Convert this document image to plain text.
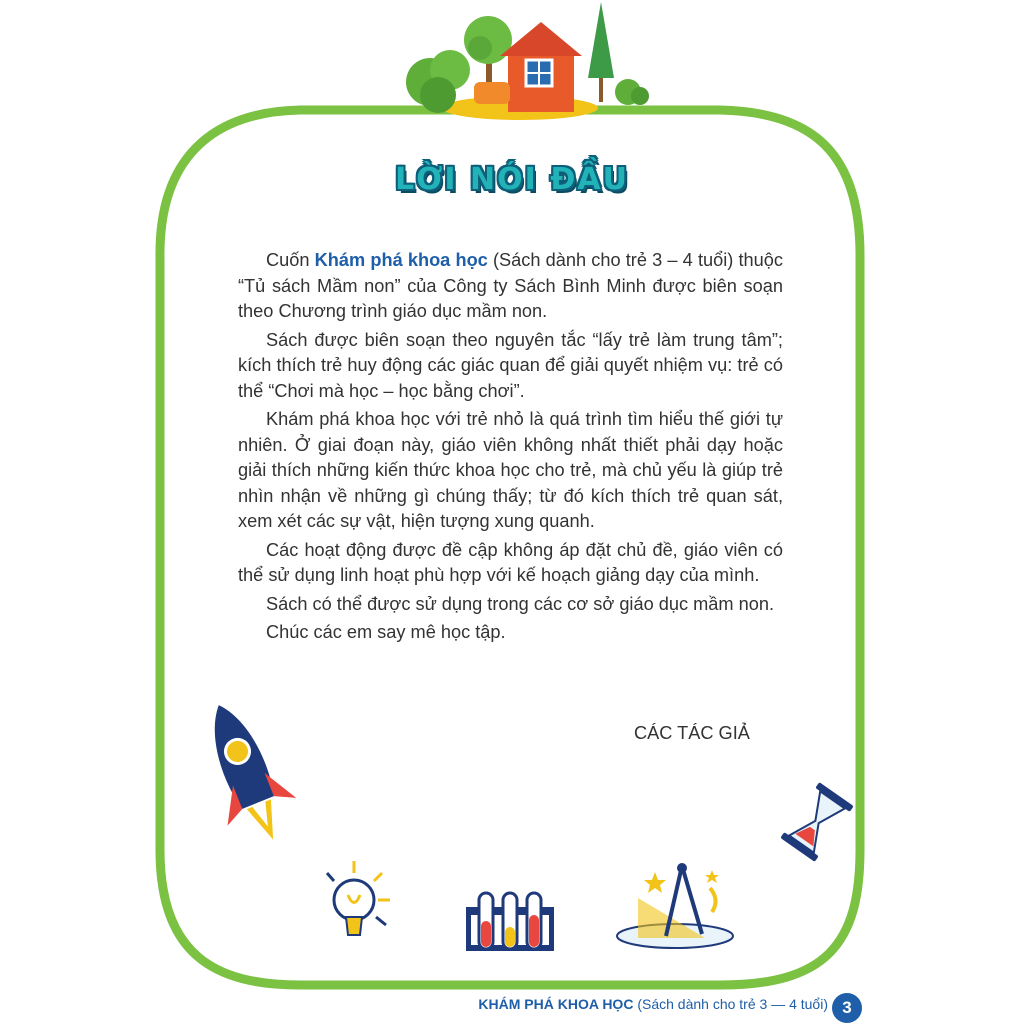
LỜI NÓI ĐẦU

Cuốn Khám phá khoa học (Sách dành cho trẻ 3 – 4 tuổi) thuộc “Tủ sách Mầm non” của Công ty Sách Bình Minh được biên soạn theo Chương trình giáo dục mầm non.

Sách được biên soạn theo nguyên tắc “lấy trẻ làm trung tâm”; kích thích trẻ huy động các giác quan để giải quyết nhiệm vụ: trẻ có thể “Chơi mà học – học bằng chơi”.

Khám phá khoa học với trẻ nhỏ là quá trình tìm hiểu thế giới tự nhiên. Ở giai đoạn này, giáo viên không nhất thiết phải dạy hoặc giải thích những kiến thức khoa học cho trẻ, mà chủ yếu là giúp trẻ nhìn nhận về những gì chúng thấy; từ đó kích thích trẻ quan sát, xem xét các sự vật, hiện tượng xung quanh.

Các hoạt động được đề cập không áp đặt chủ đề, giáo viên có thể sử dụng linh hoạt phù hợp với kế hoạch giảng dạy của mình.

Sách có thể được sử dụng trong các cơ sở giáo dục mầm non.

Chúc các em say mê học tập.

CÁC TÁC GIẢ
KHÁM PHÁ KHOA HỌC (Sách dành cho trẻ 3 — 4 tuổi) 3
